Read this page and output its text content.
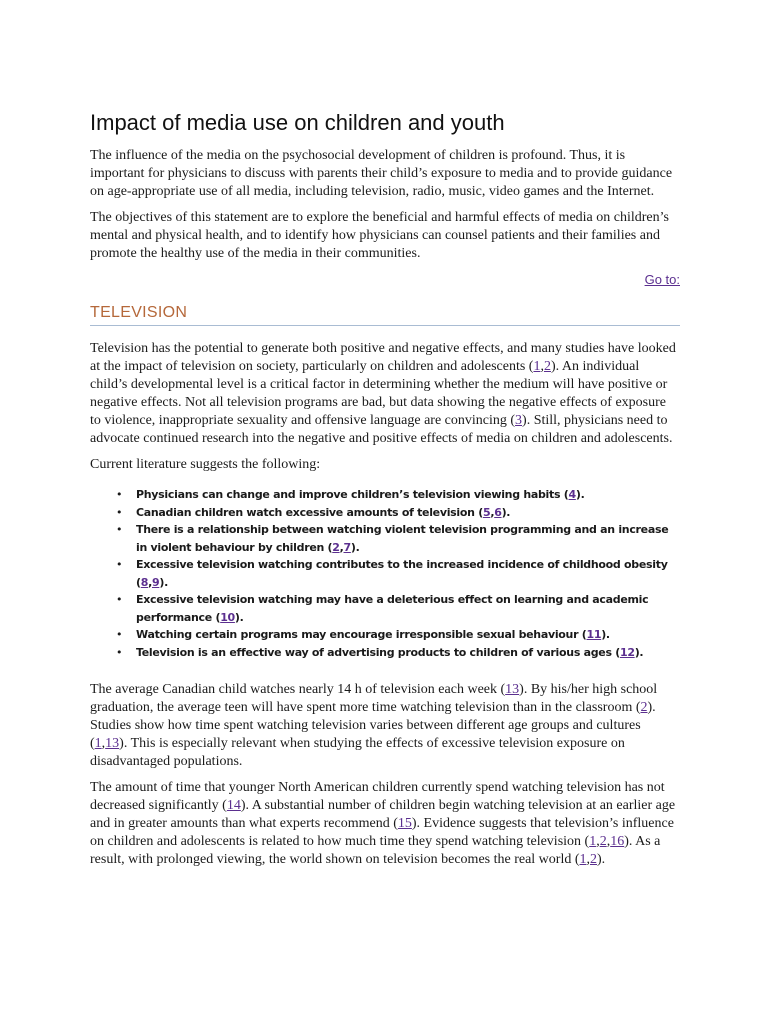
Impact of media use on children and youth

The influence of the media on the psychosocial development of children is profound. Thus, it is important for physicians to discuss with parents their child’s exposure to media and to provide guidance on age-appropriate use of all media, including television, radio, music, video games and the Internet.

The objectives of this statement are to explore the beneficial and harmful effects of media on children’s mental and physical health, and to identify how physicians can counsel patients and their families and promote the healthy use of the media in their communities.

Go to:
TELEVISION

Television has the potential to generate both positive and negative effects, and many studies have looked at the impact of television on society, particularly on children and adolescents (1,2). An individual child’s developmental level is a critical factor in determining whether the medium will have positive or negative effects. Not all television programs are bad, but data showing the negative effects of exposure to violence, inappropriate sexuality and offensive language are convincing (3). Still, physicians need to advocate continued research into the negative and positive effects of media on children and adolescents.

Current literature suggests the following:

• Physicians can change and improve children’s television viewing habits (4).
• Canadian children watch excessive amounts of television (5,6).
• There is a relationship between watching violent television programming and an increase in violent behaviour by children (2,7).
• Excessive television watching contributes to the increased incidence of childhood obesity (8,9).
• Excessive television watching may have a deleterious effect on learning and academic performance (10).
• Watching certain programs may encourage irresponsible sexual behaviour (11).
• Television is an effective way of advertising products to children of various ages (12).

The average Canadian child watches nearly 14 h of television each week (13). By his/her high school graduation, the average teen will have spent more time watching television than in the classroom (2). Studies show how time spent watching television varies between different age groups and cultures (1,13). This is especially relevant when studying the effects of excessive television exposure on disadvantaged populations.

The amount of time that younger North American children currently spend watching television has not decreased significantly (14). A substantial number of children begin watching television at an earlier age and in greater amounts than what experts recommend (15). Evidence suggests that television’s influence on children and adolescents is related to how much time they spend watching television (1,2,16). As a result, with prolonged viewing, the world shown on television becomes the real world (1,2).
